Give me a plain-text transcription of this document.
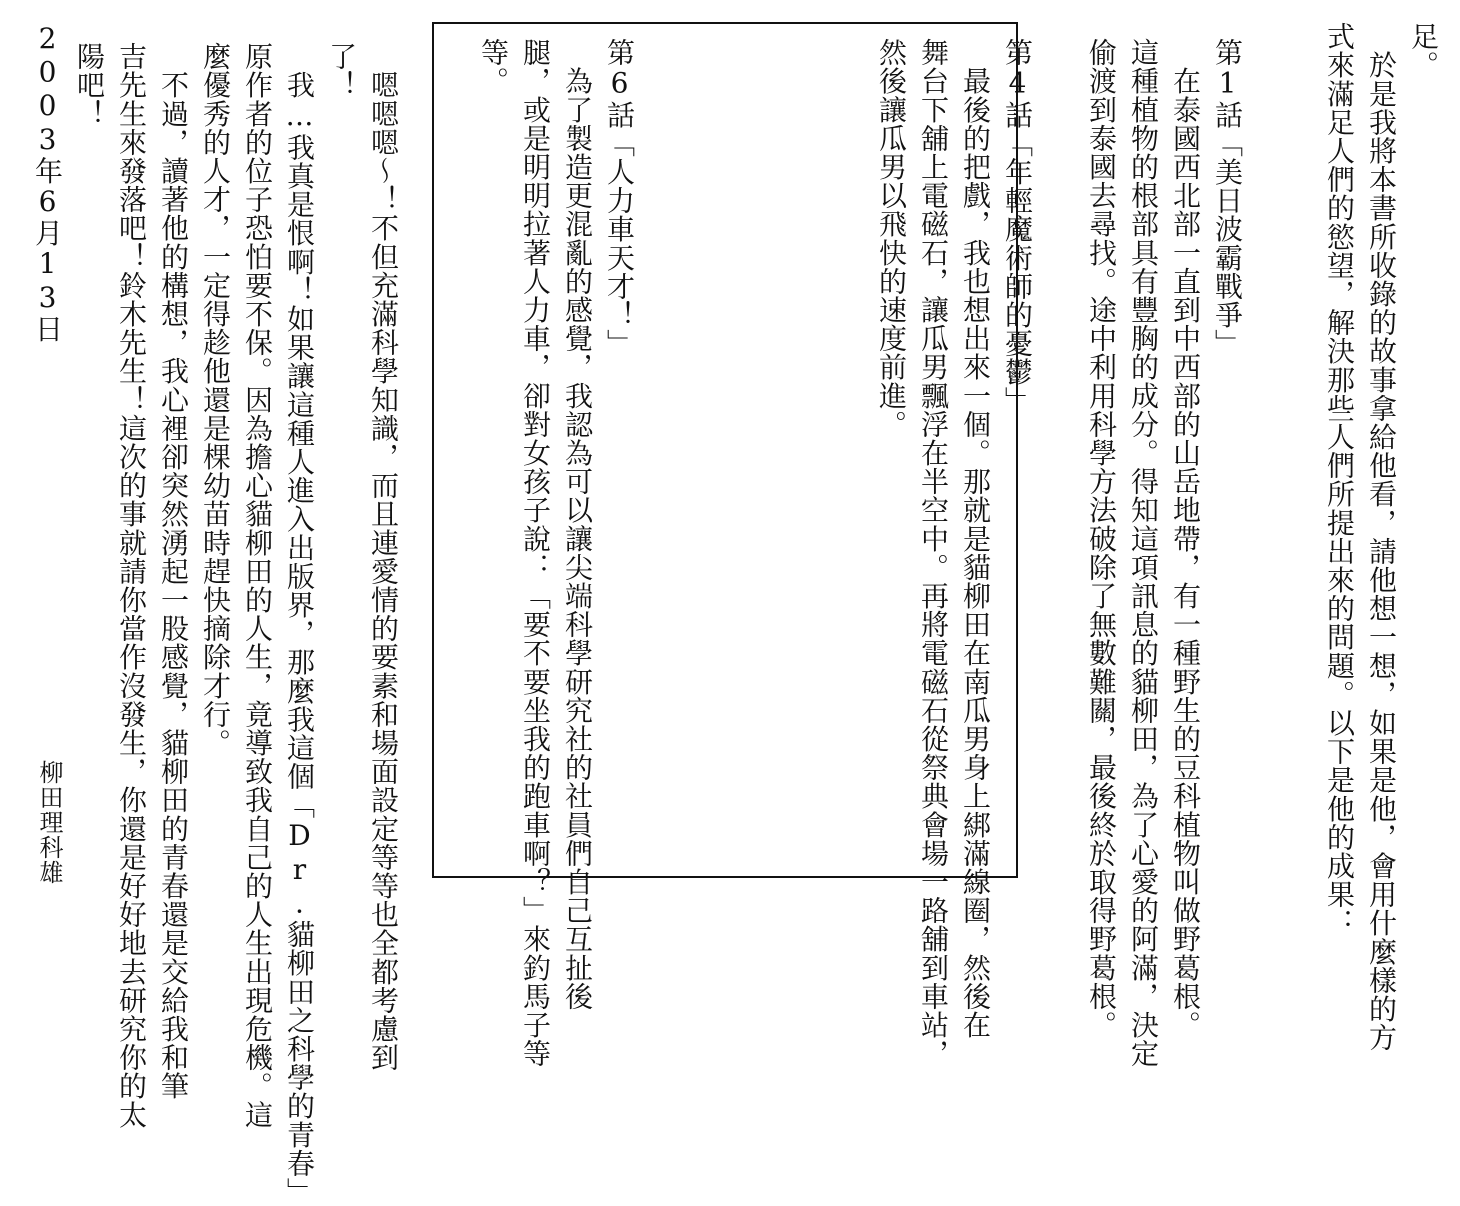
足。
　於是我將本書所收錄的故事拿給他看，請他想一想，如果是他，會用什麼樣的方
式來滿足人們的慾望，解決那些人們所提出來的問題。以下是他的成果：
第1話「美日波霸戰爭」
　在泰國西北部一直到中西部的山岳地帶，有一種野生的豆科植物叫做野葛根。
這種植物的根部具有豐胸的成分。得知這項訊息的貓柳田，為了心愛的阿滿，決定
偷渡到泰國去尋找。途中利用科學方法破除了無數難關，最後終於取得野葛根。
第4話「年輕魔術師的憂鬱」
　最後的把戲，我也想出來一個。那就是貓柳田在南瓜男身上綁滿線圈，然後在
舞台下舖上電磁石，讓瓜男飄浮在半空中。再將電磁石從祭典會場一路舖到車站，
然後讓瓜男以飛快的速度前進。
第6話「人力車天才！」
　為了製造更混亂的感覺，我認為可以讓尖端科學研究社的社員們自己互扯後
腿，或是明明拉著人力車，卻對女孩子說：「要不要坐我的跑車啊？」來釣馬子等
等。
　嗯嗯嗯～！不但充滿科學知識，而且連愛情的要素和場面設定等等也全都考慮到
了！
　我…我真是恨啊！如果讓這種人進入出版界，那麼我這個「Dr.貓柳田之科學的青春」
原作者的位子恐怕要不保。因為擔心貓柳田的人生，竟導致我自己的人生出現危機。這
麼優秀的人才，一定得趁他還是棵幼苗時趕快摘除才行。
　不過，讀著他的構想，我心裡卻突然湧起一股感覺，貓柳田的青春還是交給我和筆
吉先生來發落吧！鈴木先生！這次的事就請你當作沒發生，你還是好好地去研究你的太
陽吧！
2003年6月13日
柳田理科雄
